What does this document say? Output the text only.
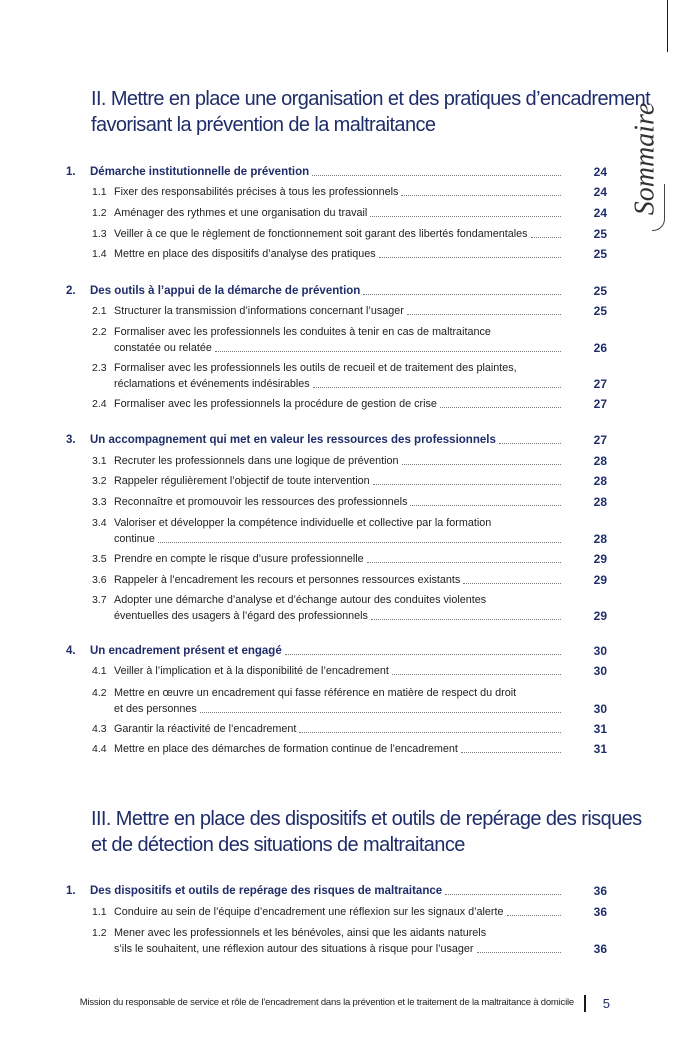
Sommaire
II. Mettre en place une organisation et des pratiques d’encadrement
favorisant la prévention de la maltraitance
III. Mettre en place des dispositifs et outils de repérage des risques
et de détection des situations de maltraitance
1. Démarche institutionnelle de prévention	24
1.1 Fixer des responsabilités précises à tous les professionnels	24
1.2 Aménager des rythmes et une organisation du travail	24
1.3 Veiller à ce que le règlement de fonctionnement soit garant des libertés fondamentales	25
1.4 Mettre en place des dispositifs d’analyse des pratiques	25
2. Des outils à l’appui de la démarche de prévention	25
2.1 Structurer la transmission d’informations concernant l’usager	25
2.2 Formaliser avec les professionnels les conduites à tenir en cas de maltraitance
constatée ou relatée	26
2.3 Formaliser avec les professionnels les outils de recueil et de traitement des plaintes,
réclamations et événements indésirables	27
2.4 Formaliser avec les professionnels la procédure de gestion de crise	27
3. Un accompagnement qui met en valeur les ressources des professionnels	27
3.1 Recruter les professionnels dans une logique de prévention	28
3.2 Rappeler régulièrement l’objectif de toute intervention	28
3.3 Reconnaître et promouvoir les ressources des professionnels	28
3.4 Valoriser et développer la compétence individuelle et collective par la formation
continue	28
3.5 Prendre en compte le risque d’usure professionnelle	29
3.6 Rappeler à l’encadrement les recours et personnes ressources existants	29
3.7 Adopter une démarche d’analyse et d’échange autour des conduites violentes
éventuelles des usagers à l’égard des professionnels	29
4. Un encadrement présent et engagé	30
4.1 Veiller à l’implication et à la disponibilité de l’encadrement	30
4.2 Mettre en œuvre un encadrement qui fasse référence en matière de respect du droit
et des personnes	30
4.3 Garantir la réactivité de l’encadrement	31
4.4 Mettre en place des démarches de formation continue de l’encadrement	31
1. Des dispositifs et outils de repérage des risques de maltraitance	36
1.1 Conduire au sein de l’équipe d’encadrement une réflexion sur les signaux d’alerte	36
1.2 Mener avec les professionnels et les bénévoles, ainsi que les aidants naturels
s’ils le souhaitent, une réflexion autour des situations à risque pour l’usager	36
Mission du responsable de service et rôle de l’encadrement dans la prévention et le traitement de la maltraitance à domicile 5
